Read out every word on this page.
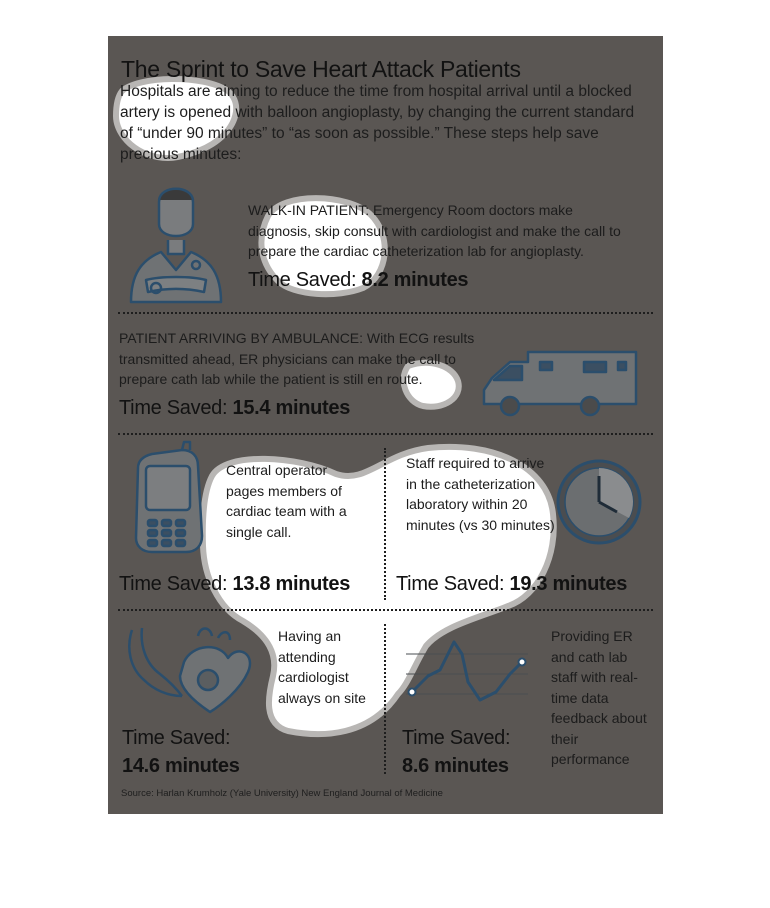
The Sprint to Save Heart Attack Patients
Hospitals are aiming to reduce the time from hospital arrival until a blocked artery is opened with balloon angioplasty, by changing the current standard of “under 90 minutes” to “as soon as possible.” These steps help save precious minutes:
WALK-IN PATIENT: Emergency Room doctors make diagnosis, skip consult with cardiologist and make the call to prepare the cardiac catheterization lab for angioplasty.
Time Saved: 8.2 minutes
PATIENT ARRIVING BY AMBULANCE: With ECG results transmitted ahead, ER physicians can make the call to prepare cath lab while the patient is still en route.
Time Saved: 15.4 minutes
Central operator pages members of cardiac team with a single call.
Time Saved: 13.8 minutes
Staff required to arrive in the catheterization laboratory within 20 minutes (vs 30 minutes)
Time Saved: 19.3 minutes
Having an attending cardiologist always on site
Time Saved:
14.6 minutes
Providing ER and cath lab staff with real-time data feedback about their performance
Time Saved:
8.6 minutes
Source: Harlan Krumholz (Yale University) New England Journal of Medicine
